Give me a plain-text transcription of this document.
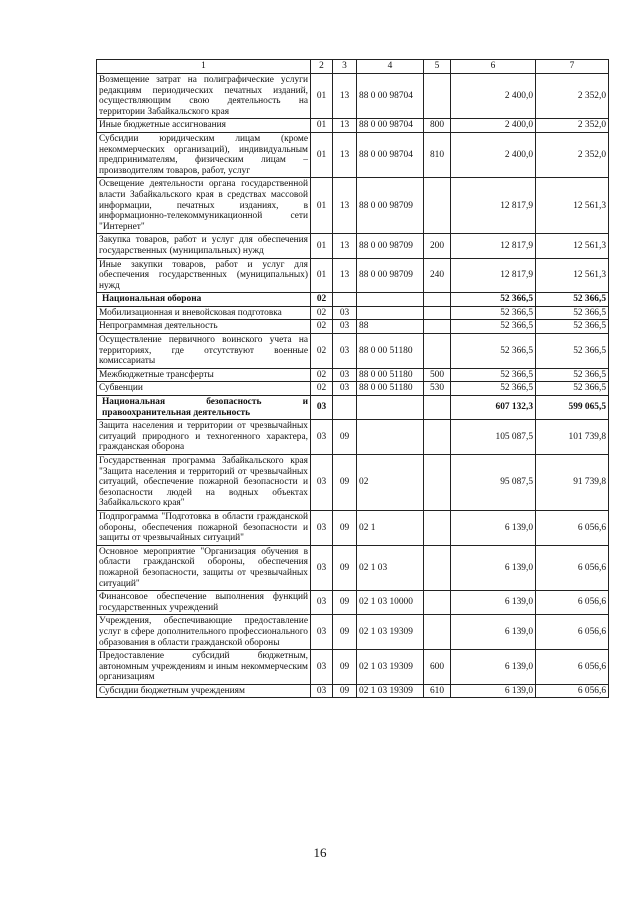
1	2	3	4	5	6	7
Возмещение затрат на полиграфические услуги редакциям периодических печатных изданий, осуществляющим свою деятельность на территории Забайкальского края	01	13	88 0 00 98704		2 400,0	2 352,0
Иные бюджетные ассигнования	01	13	88 0 00 98704	800	2 400,0	2 352,0
Субсидии юридическим лицам (кроме некоммерческих организаций), индивидуальным предпринимателям, физическим лицам – производителям товаров, работ, услуг	01	13	88 0 00 98704	810	2 400,0	2 352,0
Освещение деятельности органа государственной власти Забайкальского края в средствах массовой информации, печатных изданиях, в информационно-телекоммуникационной сети "Интернет"	01	13	88 0 00 98709		12 817,9	12 561,3
Закупка товаров, работ и услуг для обеспечения государственных (муниципальных) нужд	01	13	88 0 00 98709	200	12 817,9	12 561,3
Иные закупки товаров, работ и услуг для обеспечения государственных (муниципальных) нужд	01	13	88 0 00 98709	240	12 817,9	12 561,3
Национальная оборона	02				52 366,5	52 366,5
Мобилизационная и вневойсковая подготовка	02	03			52 366,5	52 366,5
Непрограммная деятельность	02	03	88		52 366,5	52 366,5
Осуществление первичного воинского учета на территориях, где отсутствуют военные комиссариаты	02	03	88 0 00 51180		52 366,5	52 366,5
Межбюджетные трансферты	02	03	88 0 00 51180	500	52 366,5	52 366,5
Субвенции	02	03	88 0 00 51180	530	52 366,5	52 366,5
Национальная безопасность и правоохранительная деятельность	03				607 132,3	599 065,5
Защита населения и территории от чрезвычайных ситуаций природного и техногенного характера, гражданская оборона	03	09			105 087,5	101 739,8
Государственная программа Забайкальского края "Защита населения и территорий от чрезвычайных ситуаций, обеспечение пожарной безопасности и безопасности людей на водных объектах Забайкальского края"	03	09	02		95 087,5	91 739,8
Подпрограмма "Подготовка в области гражданской обороны, обеспечения пожарной безопасности и защиты от чрезвычайных ситуаций"	03	09	02 1		6 139,0	6 056,6
Основное мероприятие "Организация обучения в области гражданской обороны, обеспечения пожарной безопасности, защиты от чрезвычайных ситуаций"	03	09	02 1 03		6 139,0	6 056,6
Финансовое обеспечение выполнения функций государственных учреждений	03	09	02 1 03 10000		6 139,0	6 056,6
Учреждения, обеспечивающие предоставление услуг в сфере дополнительного профессионального образования в области гражданской обороны	03	09	02 1 03 19309		6 139,0	6 056,6
Предоставление субсидий бюджетным, автономным учреждениям и иным некоммерческим организациям	03	09	02 1 03 19309	600	6 139,0	6 056,6
Субсидии бюджетным учреждениям	03	09	02 1 03 19309	610	6 139,0	6 056,6
16
